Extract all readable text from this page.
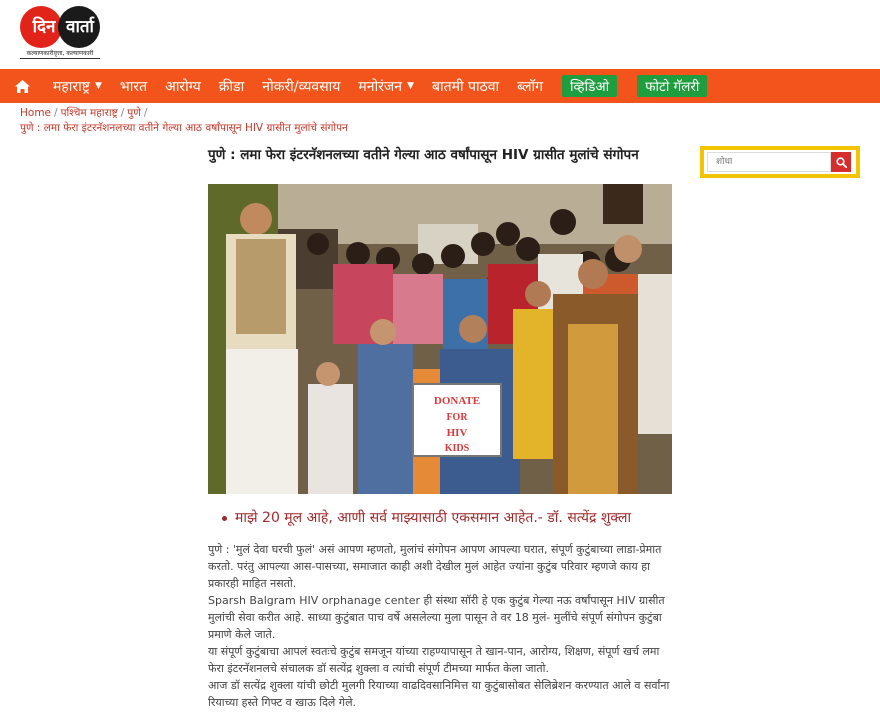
दिन वार्ता
कल्याणकारीवृत्ता, कल्याणकारी
महाराष्ट्र ▼	भारत	आरोग्य	क्रीडा	नोकरी/व्यवसाय	मनोरंजन ▼	बातमी पाठवा	ब्लॉग	व्हिडिओ	फोटो गॅलरी
Home / पश्चिम महाराष्ट्र / पुणे /
पुणे : लमा फेरा इंटरनॅशनलच्या वतीने गेल्या आठ वर्षांपासून HIV ग्रासीत मुलांचे संगोपन
पुणे : लमा फेरा इंटरनॅशनलच्या वतीने गेल्या आठ वर्षांपासून HIV ग्रासीत मुलांचे संगोपन
DONATE
FOR
HIV
KIDS
माझे 20 मूल आहे, आणी सर्व माझ्यासाठी एकसमान आहेत.- डॉ. सत्येंद्र शुक्ला

पुणे : 'मुलं देवा घरची फुलं' असं आपण म्हणतो, मुलांचं संगोपन आपण आपल्या घरात, संपूर्ण कुटुंबाच्या लाडा-प्रेमात करतो. परंतु आपल्या आस-पासच्या, समाजात काही अशी देखील मुलं आहेत ज्यांना कुटुंब परिवार म्हणजे काय हा प्रकारही माहित नसतो.

Sparsh Balgram HIV orphanage center ही संस्था सॉरी हे एक कुटुंब गेल्या नऊ वर्षांपासून HIV ग्रासीत मुलांची सेवा करीत आहे. साध्या कुटुंबात पाच वर्षे असलेल्या मुला पासून ते वर 18 मुलं- मुलींचे संपूर्ण संगोपन कुटुंबा प्रमाणे केले जाते.

या संपूर्ण कुटुंबाचा आपलं स्वतःचे कुटुंब समजून यांच्या राहण्यापासून ते खान-पान, आरोग्य, शिक्षण, संपूर्ण खर्च लमा फेरा इंटरनॅशनलचे संचालक डॉ सत्येंद्र शुक्ला व त्यांची संपूर्ण टीमच्या मार्फत केला जातो.

आज डॉ सत्येंद्र शुक्ला यांची छोटी मुलगी रियाच्या वाढदिवसानिमित्त या कुटुंबासोबत सेलिब्रेशन करण्यात आले व सर्वांना रियाच्या हस्ते गिफ्ट व खाऊ दिले गेले.

शोधा
